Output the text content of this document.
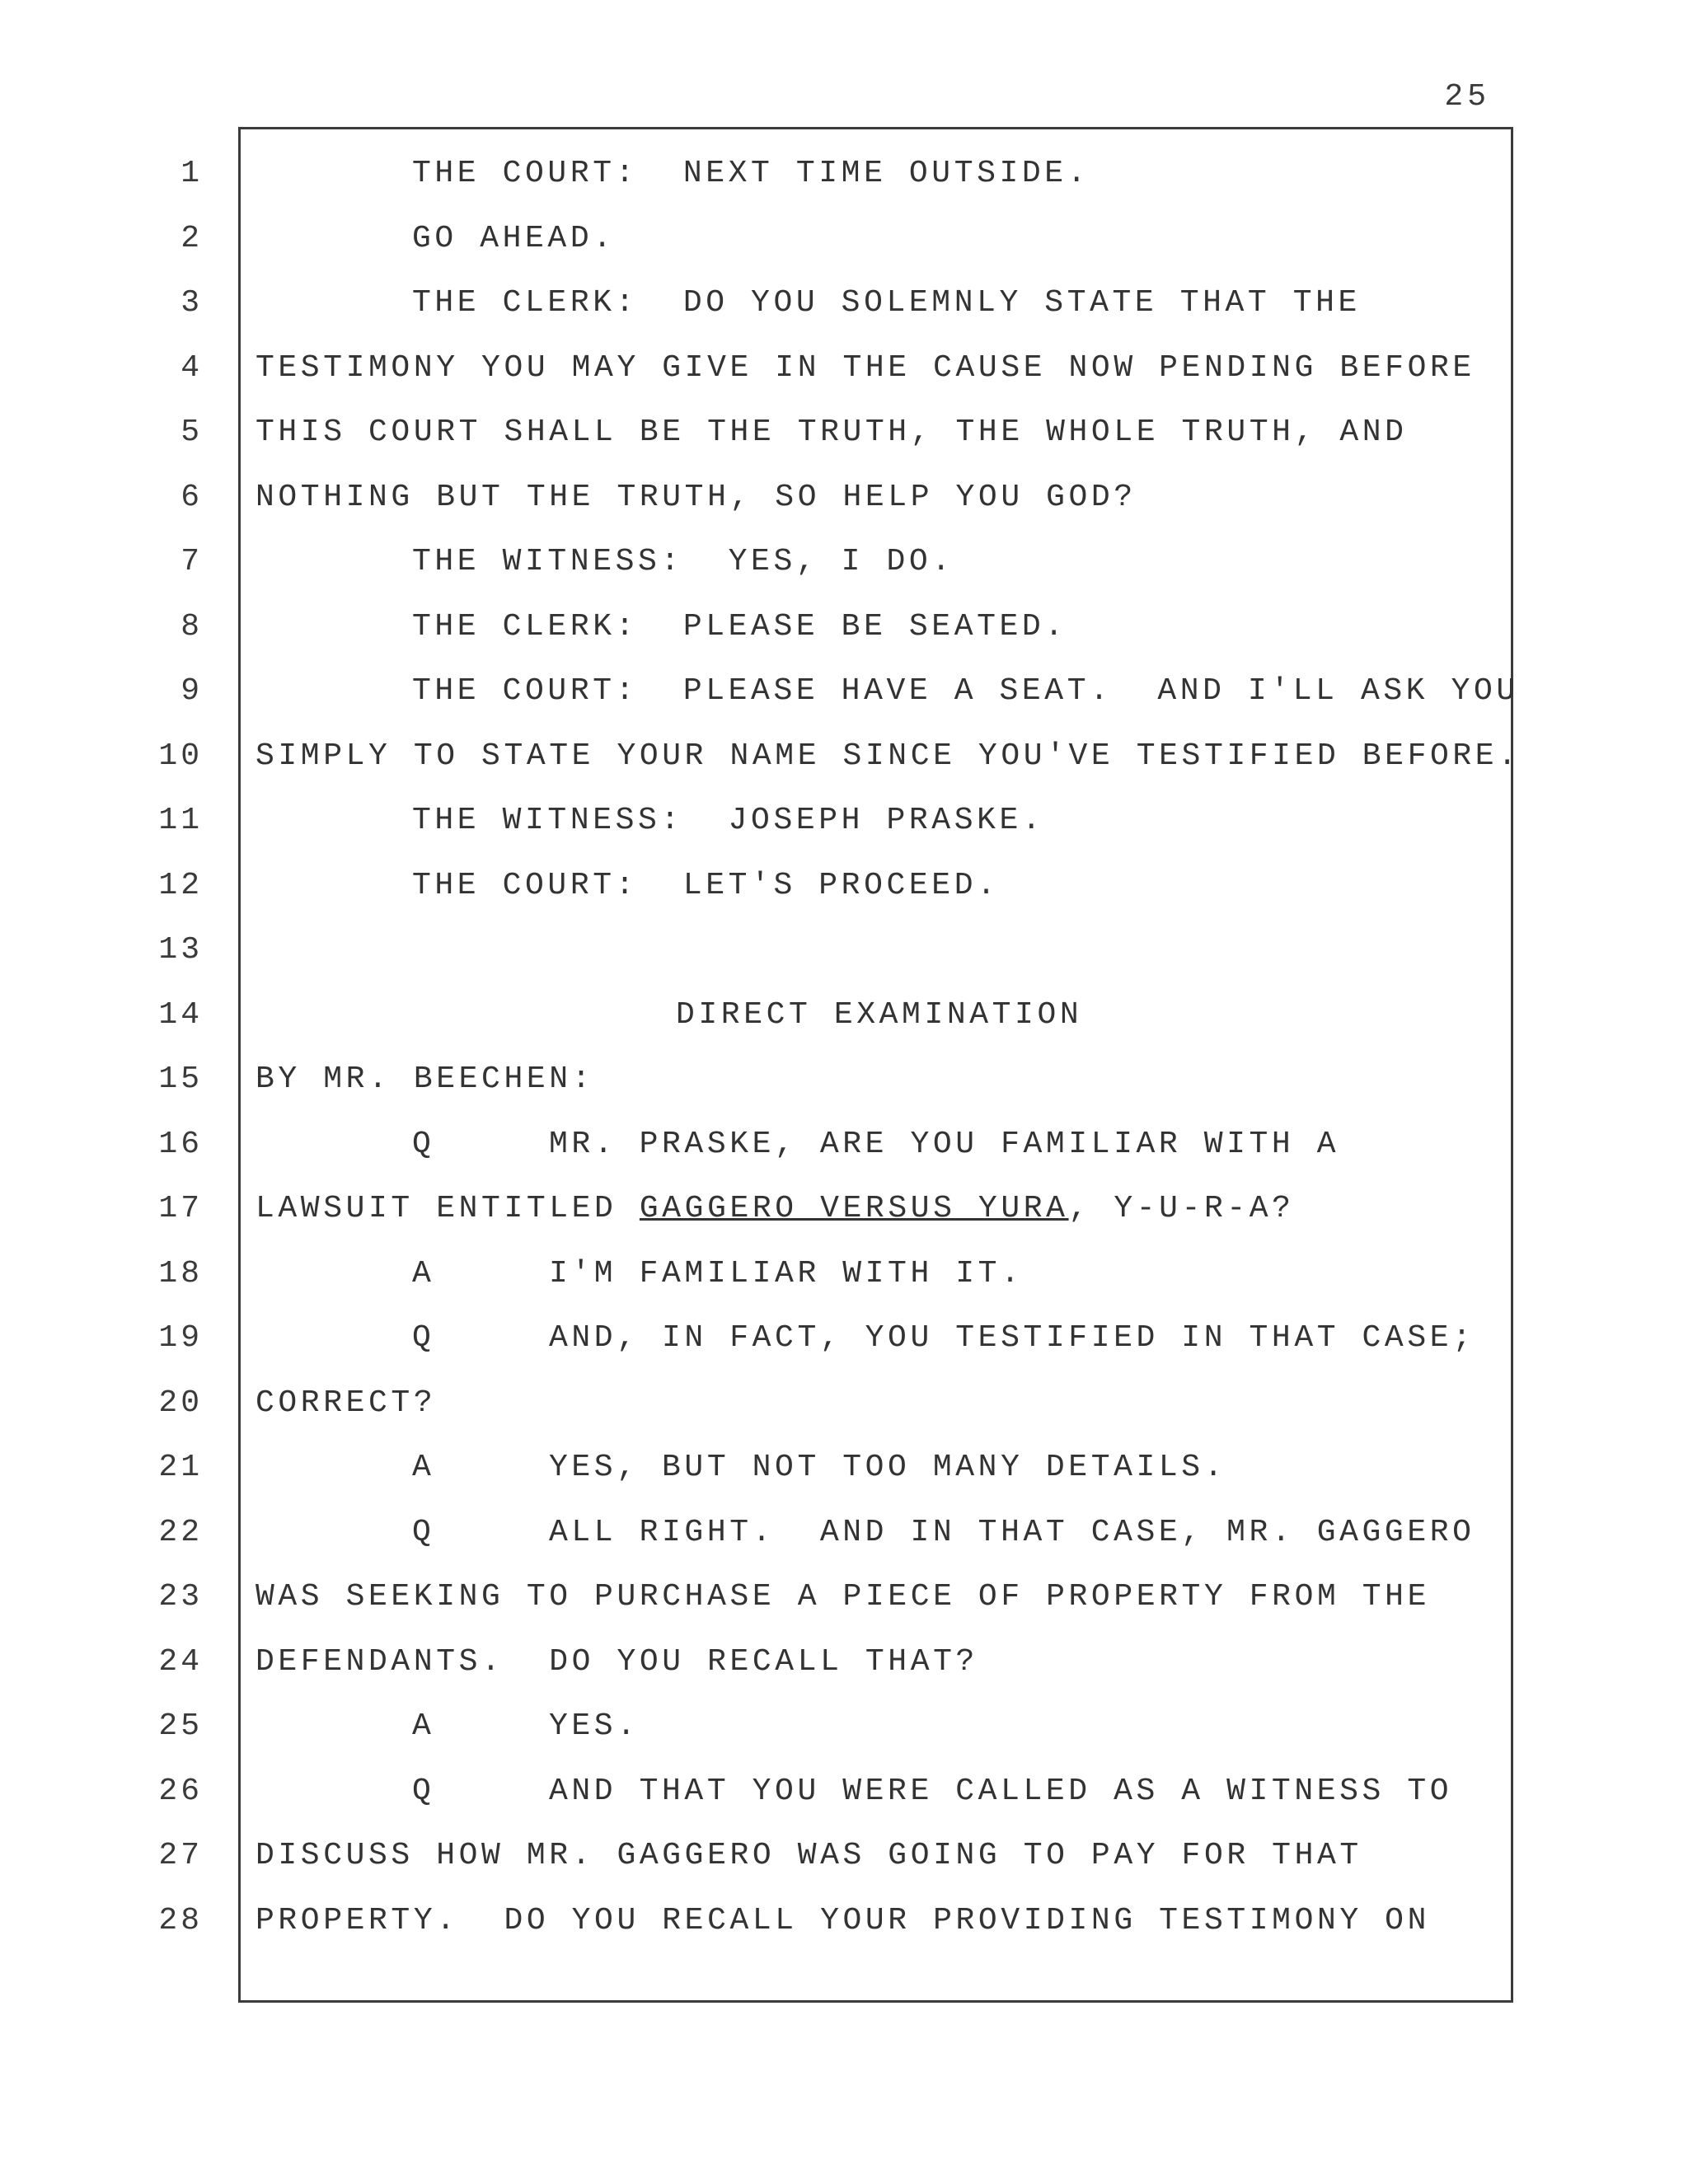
25
1
2
3
4
5
6
7
8
9
10
11
12
13
14
15
16
17
18
19
20
21
22
23
24
25
26
27
28
THE COURT:  NEXT TIME OUTSIDE.
GO AHEAD.
THE CLERK:  DO YOU SOLEMNLY STATE THAT THE
TESTIMONY YOU MAY GIVE IN THE CAUSE NOW PENDING BEFORE
THIS COURT SHALL BE THE TRUTH, THE WHOLE TRUTH, AND
NOTHING BUT THE TRUTH, SO HELP YOU GOD?
THE WITNESS:  YES, I DO.
THE CLERK:  PLEASE BE SEATED.
THE COURT:  PLEASE HAVE A SEAT.  AND I'LL ASK YOU
SIMPLY TO STATE YOUR NAME SINCE YOU'VE TESTIFIED BEFORE.
THE WITNESS:  JOSEPH PRASKE.
THE COURT:  LET'S PROCEED.
DIRECT EXAMINATION
BY MR. BEECHEN:
Q	MR. PRASKE, ARE YOU FAMILIAR WITH A
LAWSUIT ENTITLED GAGGERO VERSUS YURA, Y-U-R-A?
A	I'M FAMILIAR WITH IT.
Q	AND, IN FACT, YOU TESTIFIED IN THAT CASE;
CORRECT?
A	YES, BUT NOT TOO MANY DETAILS.
Q	ALL RIGHT.  AND IN THAT CASE, MR. GAGGERO
WAS SEEKING TO PURCHASE A PIECE OF PROPERTY FROM THE
DEFENDANTS.  DO YOU RECALL THAT?
A	YES.
Q	AND THAT YOU WERE CALLED AS A WITNESS TO
DISCUSS HOW MR. GAGGERO WAS GOING TO PAY FOR THAT
PROPERTY.  DO YOU RECALL YOUR PROVIDING TESTIMONY ON
